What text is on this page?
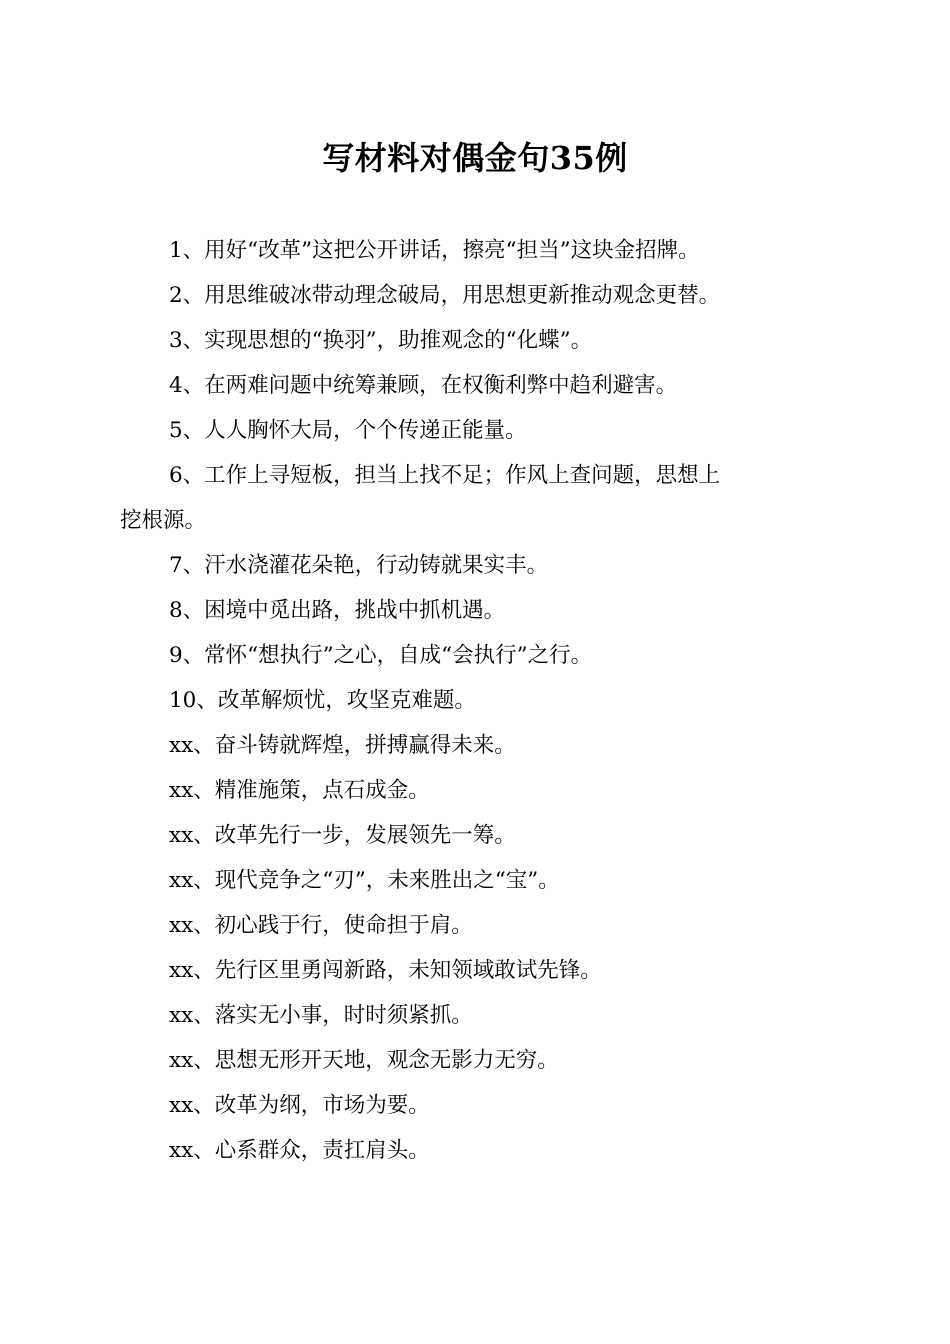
写材料对偶金句35例

1、用好“改革”这把公开讲话，擦亮“担当”这块金招牌。

2、用思维破冰带动理念破局，用思想更新推动观念更替。

3、实现思想的“换羽”，助推观念的“化蝶”。

4、在两难问题中统筹兼顾，在权衡利弊中趋利避害。

5、人人胸怀大局，个个传递正能量。

6、工作上寻短板，担当上找不足；作风上查问题，思想上
挖根源。

7、汗水浇灌花朵艳，行动铸就果实丰。

8、困境中觅出路，挑战中抓机遇。

9、常怀“想执行”之心，自成“会执行”之行。

10、改革解烦忧，攻坚克难题。

xx、奋斗铸就辉煌，拼搏赢得未来。

xx、精准施策，点石成金。

xx、改革先行一步，发展领先一筹。

xx、现代竞争之“刃”，未来胜出之“宝”。

xx、初心践于行，使命担于肩。

xx、先行区里勇闯新路，未知领域敢试先锋。

xx、落实无小事，时时须紧抓。

xx、思想无形开天地，观念无影力无穷。

xx、改革为纲，市场为要。

xx、心系群众，责扛肩头。
